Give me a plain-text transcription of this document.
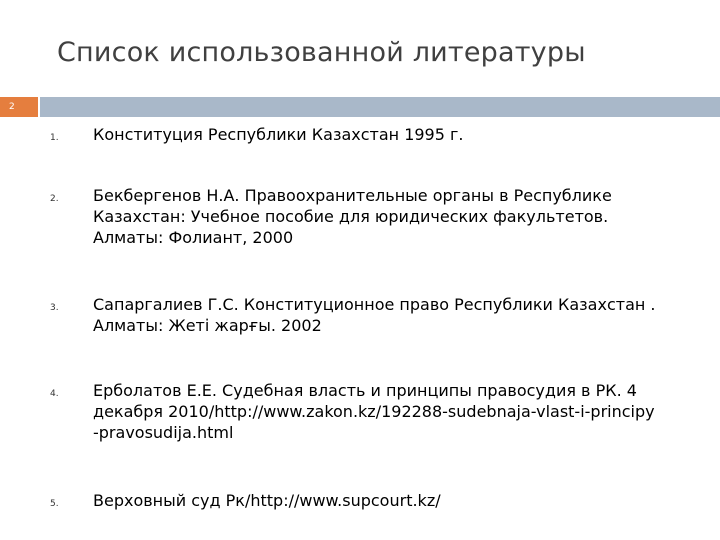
Список использованной литературы
2
1. Конституция Республики Казахстан 1995 г.
2. Бекбергенов Н.А. Правоохранительные органы в Республике
Казахстан: Учебное пособие для юридических факультетов.
Алматы: Фолиант, 2000
3. Сапаргалиев Г.С. Конституционное право Республики Казахстан .
Алматы: Жеті жарғы. 2002
4. Ерболатов Е.Е. Судебная власть и принципы правосудия в РК. 4
декабря 2010/http://www.zakon.kz/192288-sudebnaja-vlast-i-principy
-pravosudija.html
5. Верховный суд Рк/http://www.supcourt.kz/
